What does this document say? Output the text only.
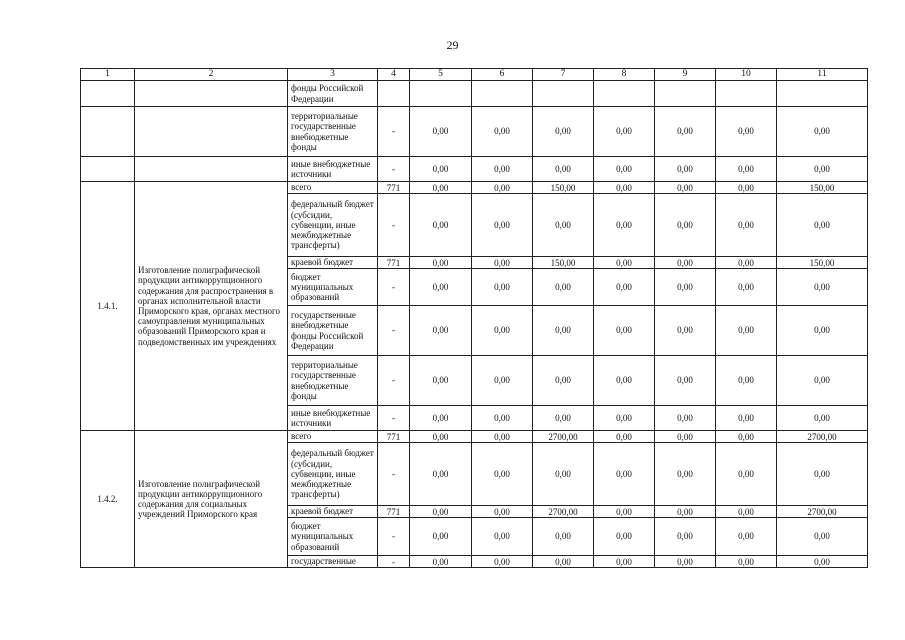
29
1	2	3	4	5	6	7	8	9	10	11
		фонды Российской Федерации								
		территориальные государственные внебюджетные фонды	-	0,00	0,00	0,00	0,00	0,00	0,00	0,00
		иные внебюджетные источники	-	0,00	0,00	0,00	0,00	0,00	0,00	0,00
1.4.1.	Изготовление полиграфической продукции антикоррупционного содержания для распространения в органах исполнительной власти Приморского края, органах местного самоуправления муниципальных образований Приморского края и подведомственных им учреждениях	всего	771	0,00	0,00	150,00	0,00	0,00	0,00	150,00
		федеральный бюджет (субсидии, субвенции, иные межбюджетные трансферты)	-	0,00	0,00	0,00	0,00	0,00	0,00	0,00
		краевой бюджет	771	0,00	0,00	150,00	0,00	0,00	0,00	150,00
		бюджет муниципальных образований	-	0,00	0,00	0,00	0,00	0,00	0,00	0,00
		государственные внебюджетные фонды Российской Федерации	-	0,00	0,00	0,00	0,00	0,00	0,00	0,00
		территориальные государственные внебюджетные фонды	-	0,00	0,00	0,00	0,00	0,00	0,00	0,00
		иные внебюджетные источники	-	0,00	0,00	0,00	0,00	0,00	0,00	0,00
1.4.2.	Изготовление полиграфической продукции антикоррупционного содержания для социальных учреждений Приморского края	всего	771	0,00	0,00	2700,00	0,00	0,00	0,00	2700,00
		федеральный бюджет (субсидии, субвенции, иные межбюджетные трансферты)	-	0,00	0,00	0,00	0,00	0,00	0,00	0,00
		краевой бюджет	771	0,00	0,00	2700,00	0,00	0,00	0,00	2700,00
		бюджет муниципальных образований	-	0,00	0,00	0,00	0,00	0,00	0,00	0,00
		государственные	-	0,00	0,00	0,00	0,00	0,00	0,00	0,00
